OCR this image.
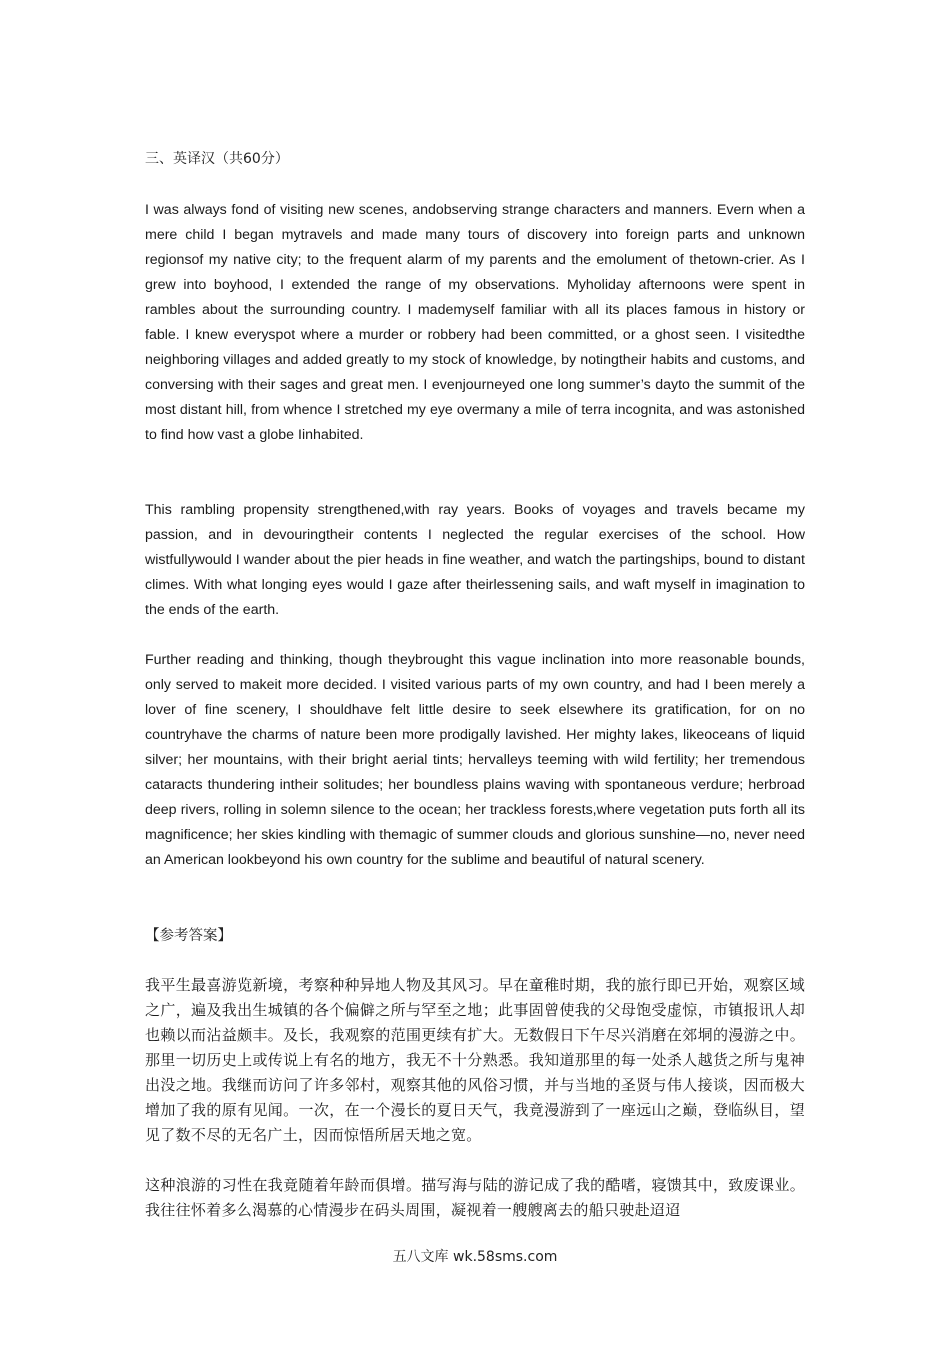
三、英译汉（共60分）

I was always fond of visiting new scenes, andobserving strange characters and manners. Evern when a mere child I began mytravels and made many tours of discovery into foreign parts and unknown regionsof my native city; to the frequent alarm of my parents and the emolument of thetown-crier. As I grew into boyhood, I extended the range of my observations. Myholiday afternoons were spent in rambles about the surrounding country. I mademyself familiar with all its places famous in history or fable. I knew everyspot where a murder or robbery had been committed, or a ghost seen. I visitedthe neighboring villages and added greatly to my stock of knowledge, by notingtheir habits and customs, and conversing with their sages and great men. I evenjourneyed one long summer’s dayto the summit of the most distant hill, from whence I stretched my eye overmany a mile of terra incognita, and was astonished to find how vast a globe Iinhabited.

This rambling propensity strengthened,with ray years. Books of voyages and travels became my passion, and in devouringtheir contents I neglected the regular exercises of the school. How wistfullywould I wander about the pier heads in fine weather, and watch the partingships, bound to distant climes. With what longing eyes would I gaze after theirlessening sails, and waft myself in imagination to the ends of the earth.

Further reading and thinking, though theybrought this vague inclination into more reasonable bounds, only served to makeit more decided. I visited various parts of my own country, and had I been merely a lover of fine scenery, I shouldhave felt little desire to seek elsewhere its gratification, for on no countryhave the charms of nature been more prodigally lavished. Her mighty lakes, likeoceans of liquid silver; her mountains, with their bright aerial tints; hervalleys teeming with wild fertility; her tremendous cataracts thundering intheir solitudes; her boundless plains waving with spontaneous verdure; herbroad deep rivers, rolling in solemn silence to the ocean; her trackless forests,where vegetation puts forth all its magnificence; her skies kindling with themagic of summer clouds and glorious sunshine—no, never need an American lookbeyond his own country for the sublime and beautiful of natural scenery.

【参考答案】

我平生最喜游览新境，考察种种异地人物及其风习。早在童稚时期，我的旅行即已开始，观察区域之广，遍及我出生城镇的各个偏僻之所与罕至之地；此事固曾使我的父母饱受虚惊，市镇报讯人却也赖以而沾益颇丰。及长，我观察的范围更续有扩大。无数假日下午尽兴消磨在郊垌的漫游之中。那里一切历史上或传说上有名的地方，我无不十分熟悉。我知道那里的每一处杀人越货之所与鬼神出没之地。我继而访问了许多邻村，观察其他的风俗习惯，并与当地的圣贤与伟人接谈，因而极大增加了我的原有见闻。一次，在一个漫长的夏日天气，我竟漫游到了一座远山之巅，登临纵目，望见了数不尽的无名广土，因而惊悟所居天地之宽。

这种浪游的习性在我竟随着年龄而俱增。描写海与陆的游记成了我的酷嗜，寝馈其中，致废课业。我往往怀着多么渴慕的心情漫步在码头周围，凝视着一艘艘离去的船只驶赴迢迢

五八文库 wk.58sms.com
